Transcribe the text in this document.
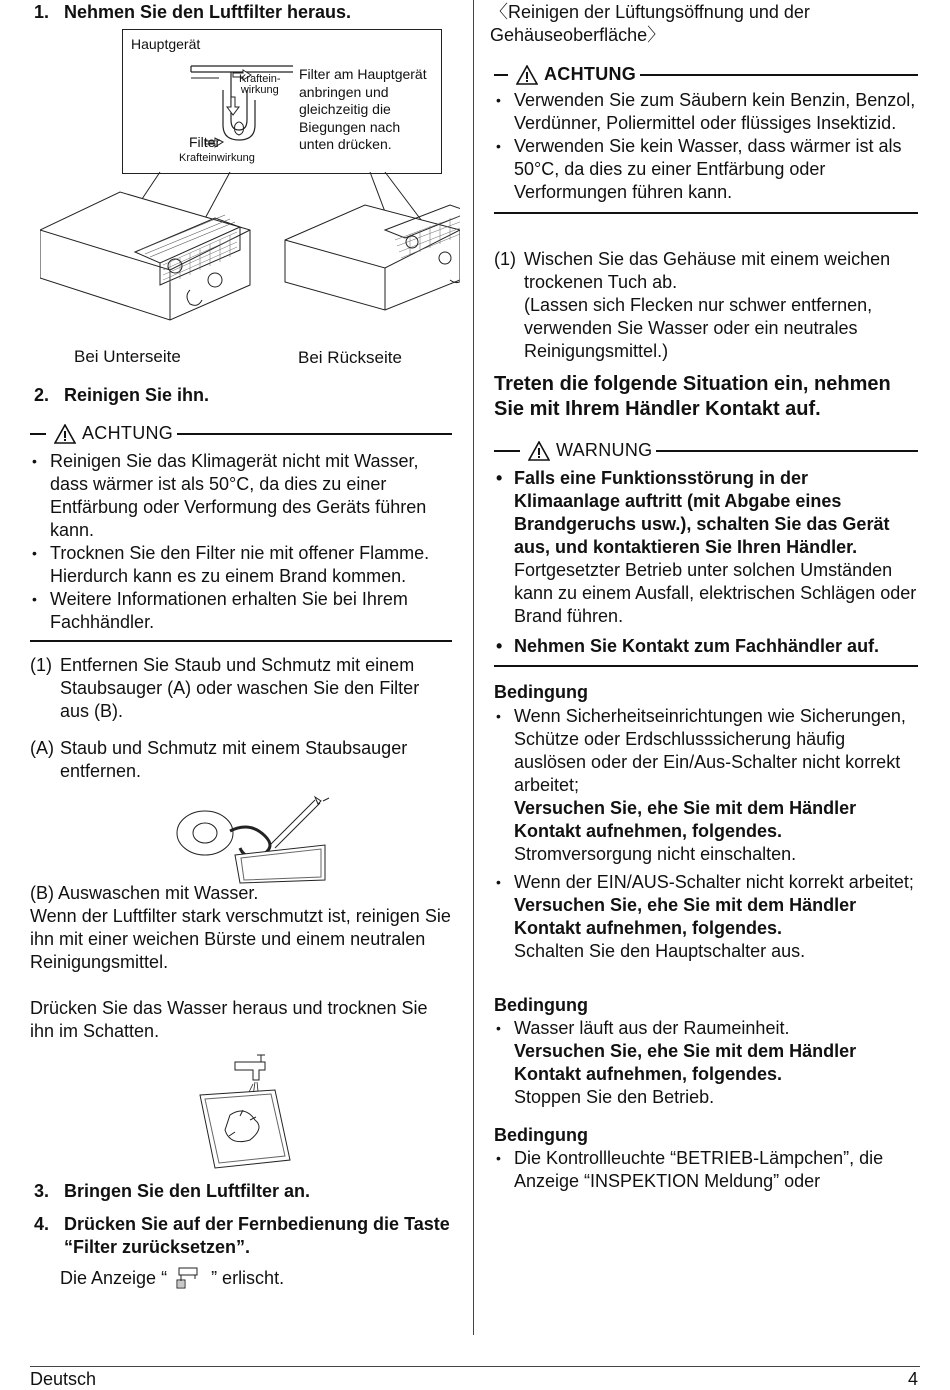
1. Nehmen Sie den Luftfilter heraus.
Hauptgerät
Kraftein-
wirkung
Filter
Krafteinwirkung
Filter am Hauptgerät anbringen und gleichzeitig die Biegungen nach unten drücken.
Bei Unterseite	Bei Rückseite
2. Reinigen Sie ihn.
ACHTUNG
• Reinigen Sie das Klimagerät nicht mit Wasser, dass wärmer ist als 50°C, da dies zu einer Entfärbung oder Verformung des Geräts führen kann.
• Trocknen Sie den Filter nie mit offener Flamme. Hierdurch kann es zu einem Brand kommen.
• Weitere Informationen erhalten Sie bei Ihrem Fachhändler.
(1) Entfernen Sie Staub und Schmutz mit einem Staubsauger (A) oder waschen Sie den Filter aus (B).
(A) Staub und Schmutz mit einem Staubsauger entfernen.
(B) Auswaschen mit Wasser.
Wenn der Luftfilter stark verschmutzt ist, reinigen Sie ihn mit einer weichen Bürste und einem neutralen Reinigungsmittel.
Drücken Sie das Wasser heraus und trocknen Sie ihn im Schatten.
3. Bringen Sie den Luftfilter an.
4. Drücken Sie auf der Fernbedienung die Taste “Filter zurücksetzen”.
Die Anzeige “ ” erlischt.
〈Reinigen der Lüftungsöffnung und der Gehäuseoberfläche〉
ACHTUNG
• Verwenden Sie zum Säubern kein Benzin, Benzol, Verdünner, Poliermittel oder flüssiges Insektizid.
• Verwenden Sie kein Wasser, dass wärmer ist als 50°C, da dies zu einer Entfärbung oder Verformungen führen kann.
(1) Wischen Sie das Gehäuse mit einem weichen trockenen Tuch ab.
(Lassen sich Flecken nur schwer entfernen, verwenden Sie Wasser oder ein neutrales Reinigungsmittel.)
Treten die folgende Situation ein, nehmen Sie mit Ihrem Händler Kontakt auf.
WARNUNG
• Falls eine Funktionsstörung in der Klimaanlage auftritt (mit Abgabe eines Brandgeruchs usw.), schalten Sie das Gerät aus, und kontaktieren Sie Ihren Händler.
Fortgesetzter Betrieb unter solchen Umständen kann zu einem Ausfall, elektrischen Schlägen oder Brand führen.
• Nehmen Sie Kontakt zum Fachhändler auf.
Bedingung
• Wenn Sicherheitseinrichtungen wie Sicherungen, Schütze oder Erdschlusssicherung häufig auslösen oder der Ein/Aus-Schalter nicht korrekt arbeitet;
Versuchen Sie, ehe Sie mit dem Händler Kontakt aufnehmen, folgendes.
Stromversorgung nicht einschalten.
• Wenn der EIN/AUS-Schalter nicht korrekt arbeitet;
Versuchen Sie, ehe Sie mit dem Händler Kontakt aufnehmen, folgendes.
Schalten Sie den Hauptschalter aus.
Bedingung
• Wasser läuft aus der Raumeinheit.
Versuchen Sie, ehe Sie mit dem Händler Kontakt aufnehmen, folgendes.
Stoppen Sie den Betrieb.
Bedingung
• Die Kontrollleuchte “BETRIEB-Lämpchen”, die Anzeige “INSPEKTION Meldung” oder
Deutsch	4
